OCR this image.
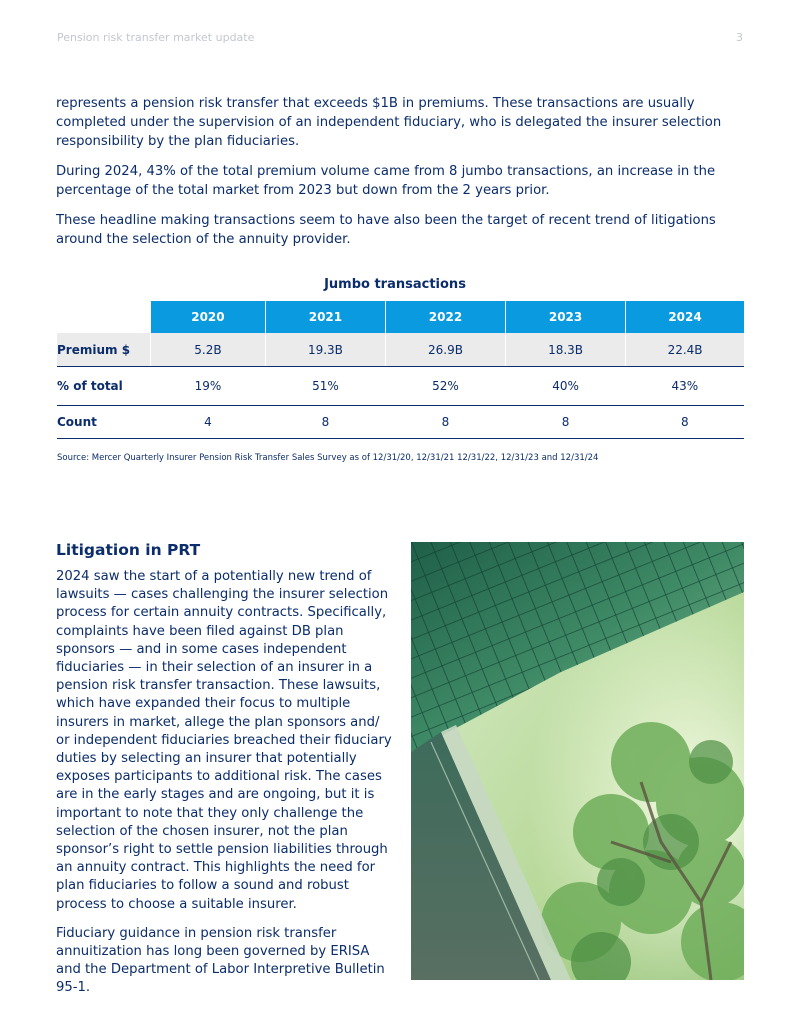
Pension risk transfer market update	3

represents a pension risk transfer that exceeds $1B in premiums. These transactions are usually completed under the supervision of an independent fiduciary, who is delegated the insurer selection responsibility by the plan fiduciaries.

During 2024, 43% of the total premium volume came from 8 jumbo transactions, an increase in the percentage of the total market from 2023 but down from the 2 years prior.

These headline making transactions seem to have also been the target of recent trend of litigations around the selection of the annuity provider.

Jumbo transactions
	2020	2021	2022	2023	2024
Premium $	5.2B	19.3B	26.9B	18.3B	22.4B
% of total	19%	51%	52%	40%	43%
Count	4	8	8	8	8
Source: Mercer Quarterly Insurer Pension Risk Transfer Sales Survey as of 12/31/20, 12/31/21 12/31/22, 12/31/23 and 12/31/24
Litigation in PRT

2024 saw the start of a potentially new trend of lawsuits — cases challenging the insurer selection process for certain annuity contracts. Specifically, complaints have been filed against DB plan sponsors — and in some cases independent fiduciaries — in their selection of an insurer in a pension risk transfer transaction. These lawsuits, which have expanded their focus to multiple insurers in market, allege the plan sponsors and/ or independent fiduciaries breached their fiduciary duties by selecting an insurer that potentially exposes participants to additional risk. The cases are in the early stages and are ongoing, but it is important to note that they only challenge the selection of the chosen insurer, not the plan sponsor’s right to settle pension liabilities through an annuity contract. This highlights the need for plan fiduciaries to follow a sound and robust process to choose a suitable insurer.

Fiduciary guidance in pension risk transfer annuitization has long been governed by ERISA and the Department of Labor Interpretive Bulletin 95-1.
